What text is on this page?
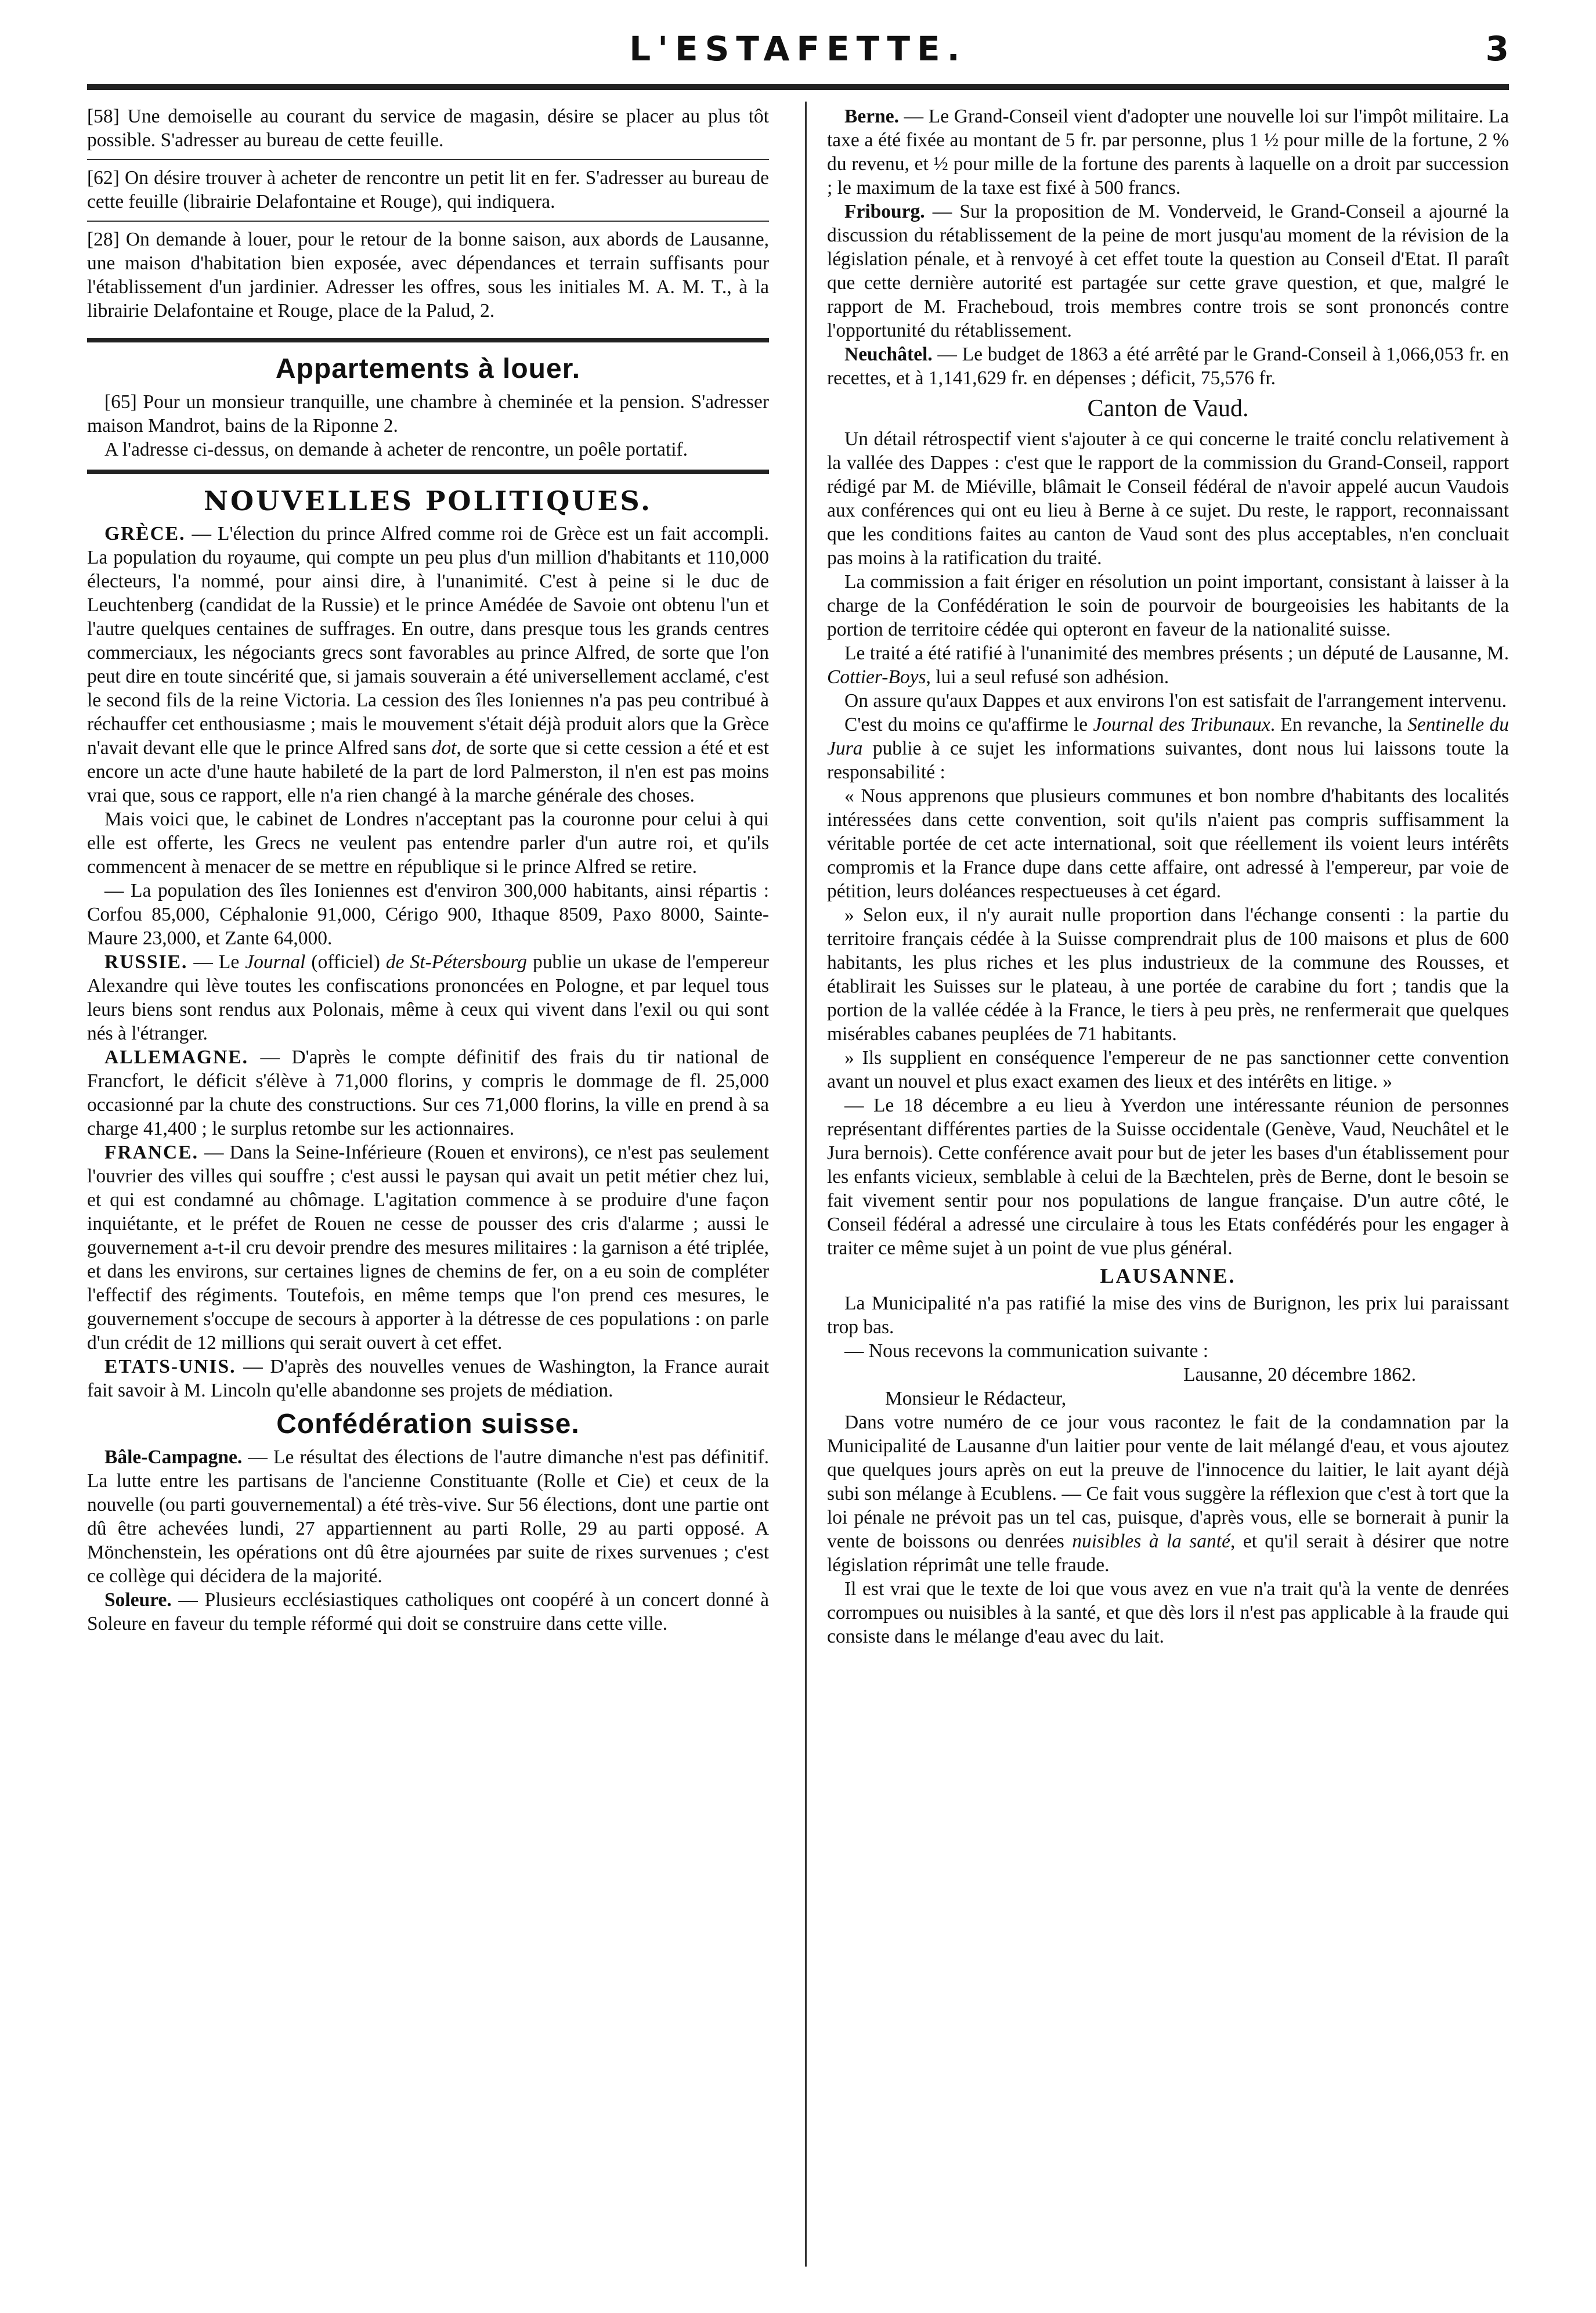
L'ESTAFETTE.	3

[58] Une demoiselle au courant du service de magasin, désire se placer au plus tôt possible. S'adresser au bureau de cette feuille.

[62] On désire trouver à acheter de rencontre un petit lit en fer. S'adresser au bureau de cette feuille (librairie Delafontaine et Rouge), qui indiquera.

[28] On demande à louer, pour le retour de la bonne saison, aux abords de Lausanne, une maison d'habitation bien exposée, avec dépendances et terrain suffisants pour l'établissement d'un jardinier. Adresser les offres, sous les initiales M. A. M. T., à la librairie Delafontaine et Rouge, place de la Palud, 2.

Appartements à louer.

[65] Pour un monsieur tranquille, une chambre à cheminée et la pension. S'adresser maison Mandrot, bains de la Riponne 2.

A l'adresse ci-dessus, on demande à acheter de rencontre, un poêle portatif.

NOUVELLES POLITIQUES.

GRÈCE. — L'élection du prince Alfred comme roi de Grèce est un fait accompli. La population du royaume, qui compte un peu plus d'un million d'habitants et 110,000 électeurs, l'a nommé, pour ainsi dire, à l'unanimité. C'est à peine si le duc de Leuchtenberg (candidat de la Russie) et le prince Amédée de Savoie ont obtenu l'un et l'autre quelques centaines de suffrages. En outre, dans presque tous les grands centres commerciaux, les négociants grecs sont favorables au prince Alfred, de sorte que l'on peut dire en toute sincérité que, si jamais souverain a été universellement acclamé, c'est le second fils de la reine Victoria. La cession des îles Ioniennes n'a pas peu contribué à réchauffer cet enthousiasme ; mais le mouvement s'était déjà produit alors que la Grèce n'avait devant elle que le prince Alfred sans dot, de sorte que si cette cession a été et est encore un acte d'une haute habileté de la part de lord Palmerston, il n'en est pas moins vrai que, sous ce rapport, elle n'a rien changé à la marche générale des choses.

Mais voici que, le cabinet de Londres n'acceptant pas la couronne pour celui à qui elle est offerte, les Grecs ne veulent pas entendre parler d'un autre roi, et qu'ils commencent à menacer de se mettre en république si le prince Alfred se retire.

— La population des îles Ioniennes est d'environ 300,000 habitants, ainsi répartis : Corfou 85,000, Céphalonie 91,000, Cérigo 900, Ithaque 8509, Paxo 8000, Sainte-Maure 23,000, et Zante 64,000.

RUSSIE. — Le Journal (officiel) de St-Pétersbourg publie un ukase de l'empereur Alexandre qui lève toutes les confiscations prononcées en Pologne, et par lequel tous leurs biens sont rendus aux Polonais, même à ceux qui vivent dans l'exil ou qui sont nés à l'étranger.

ALLEMAGNE. — D'après le compte définitif des frais du tir national de Francfort, le déficit s'élève à 71,000 florins, y compris le dommage de fl. 25,000 occasionné par la chute des constructions. Sur ces 71,000 florins, la ville en prend à sa charge 41,400 ; le surplus retombe sur les actionnaires.

FRANCE. — Dans la Seine-Inférieure (Rouen et environs), ce n'est pas seulement l'ouvrier des villes qui souffre ; c'est aussi le paysan qui avait un petit métier chez lui, et qui est condamné au chômage. L'agitation commence à se produire d'une façon inquiétante, et le préfet de Rouen ne cesse de pousser des cris d'alarme ; aussi le gouvernement a-t-il cru devoir prendre des mesures militaires : la garnison a été triplée, et dans les environs, sur certaines lignes de chemins de fer, on a eu soin de compléter l'effectif des régiments. Toutefois, en même temps que l'on prend ces mesures, le gouvernement s'occupe de secours à apporter à la détresse de ces populations : on parle d'un crédit de 12 millions qui serait ouvert à cet effet.

ETATS-UNIS. — D'après des nouvelles venues de Washington, la France aurait fait savoir à M. Lincoln qu'elle abandonne ses projets de médiation.

Confédération suisse.

Bâle-Campagne. — Le résultat des élections de l'autre dimanche n'est pas définitif. La lutte entre les partisans de l'ancienne Constituante (Rolle et Cie) et ceux de la nouvelle (ou parti gouvernemental) a été très-vive. Sur 56 élections, dont une partie ont dû être achevées lundi, 27 appartiennent au parti Rolle, 29 au parti opposé. A Mönchenstein, les opérations ont dû être ajournées par suite de rixes survenues ; c'est ce collège qui décidera de la majorité.

Soleure. — Plusieurs ecclésiastiques catholiques ont coopéré à un concert donné à Soleure en faveur du temple réformé qui doit se construire dans cette ville.

Berne. — Le Grand-Conseil vient d'adopter une nouvelle loi sur l'impôt militaire. La taxe a été fixée au montant de 5 fr. par personne, plus 1 ½ pour mille de la fortune, 2 % du revenu, et ½ pour mille de la fortune des parents à laquelle on a droit par succession ; le maximum de la taxe est fixé à 500 francs.

Fribourg. — Sur la proposition de M. Vonderveid, le Grand-Conseil a ajourné la discussion du rétablissement de la peine de mort jusqu'au moment de la révision de la législation pénale, et à renvoyé à cet effet toute la question au Conseil d'Etat. Il paraît que cette dernière autorité est partagée sur cette grave question, et que, malgré le rapport de M. Fracheboud, trois membres contre trois se sont prononcés contre l'opportunité du rétablissement.

Neuchâtel. — Le budget de 1863 a été arrêté par le Grand-Conseil à 1,066,053 fr. en recettes, et à 1,141,629 fr. en dépenses ; déficit, 75,576 fr.

Canton de Vaud.

Un détail rétrospectif vient s'ajouter à ce qui concerne le traité conclu relativement à la vallée des Dappes : c'est que le rapport de la commission du Grand-Conseil, rapport rédigé par M. de Miéville, blâmait le Conseil fédéral de n'avoir appelé aucun Vaudois aux conférences qui ont eu lieu à Berne à ce sujet. Du reste, le rapport, reconnaissant que les conditions faites au canton de Vaud sont des plus acceptables, n'en concluait pas moins à la ratification du traité.

La commission a fait ériger en résolution un point important, consistant à laisser à la charge de la Confédération le soin de pourvoir de bourgeoisies les habitants de la portion de territoire cédée qui opteront en faveur de la nationalité suisse.

Le traité a été ratifié à l'unanimité des membres présents ; un député de Lausanne, M. Cottier-Boys, lui a seul refusé son adhésion.

On assure qu'aux Dappes et aux environs l'on est satisfait de l'arrangement intervenu.

C'est du moins ce qu'affirme le Journal des Tribunaux. En revanche, la Sentinelle du Jura publie à ce sujet les informations suivantes, dont nous lui laissons toute la responsabilité :

« Nous apprenons que plusieurs communes et bon nombre d'habitants des localités intéressées dans cette convention, soit qu'ils n'aient pas compris suffisamment la véritable portée de cet acte international, soit que réellement ils voient leurs intérêts compromis et la France dupe dans cette affaire, ont adressé à l'empereur, par voie de pétition, leurs doléances respectueuses à cet égard.

» Selon eux, il n'y aurait nulle proportion dans l'échange consenti : la partie du territoire français cédée à la Suisse comprendrait plus de 100 maisons et plus de 600 habitants, les plus riches et les plus industrieux de la commune des Rousses, et établirait les Suisses sur le plateau, à une portée de carabine du fort ; tandis que la portion de la vallée cédée à la France, le tiers à peu près, ne renfermerait que quelques misérables cabanes peuplées de 71 habitants.

» Ils supplient en conséquence l'empereur de ne pas sanctionner cette convention avant un nouvel et plus exact examen des lieux et des intérêts en litige. »

— Le 18 décembre a eu lieu à Yverdon une intéressante réunion de personnes représentant différentes parties de la Suisse occidentale (Genève, Vaud, Neuchâtel et le Jura bernois). Cette conférence avait pour but de jeter les bases d'un établissement pour les enfants vicieux, semblable à celui de la Bæchtelen, près de Berne, dont le besoin se fait vivement sentir pour nos populations de langue française. D'un autre côté, le Conseil fédéral a adressé une circulaire à tous les Etats confédérés pour les engager à traiter ce même sujet à un point de vue plus général.

LAUSANNE.

La Municipalité n'a pas ratifié la mise des vins de Burignon, les prix lui paraissant trop bas.

— Nous recevons la communication suivante :

Lausanne, 20 décembre 1862.

Monsieur le Rédacteur,

Dans votre numéro de ce jour vous racontez le fait de la condamnation par la Municipalité de Lausanne d'un laitier pour vente de lait mélangé d'eau, et vous ajoutez que quelques jours après on eut la preuve de l'innocence du laitier, le lait ayant déjà subi son mélange à Ecublens. — Ce fait vous suggère la réflexion que c'est à tort que la loi pénale ne prévoit pas un tel cas, puisque, d'après vous, elle se bornerait à punir la vente de boissons ou denrées nuisibles à la santé, et qu'il serait à désirer que notre législation réprimât une telle fraude.

Il est vrai que le texte de loi que vous avez en vue n'a trait qu'à la vente de denrées corrompues ou nuisibles à la santé, et que dès lors il n'est pas applicable à la fraude qui consiste dans le mélange d'eau avec du lait.
